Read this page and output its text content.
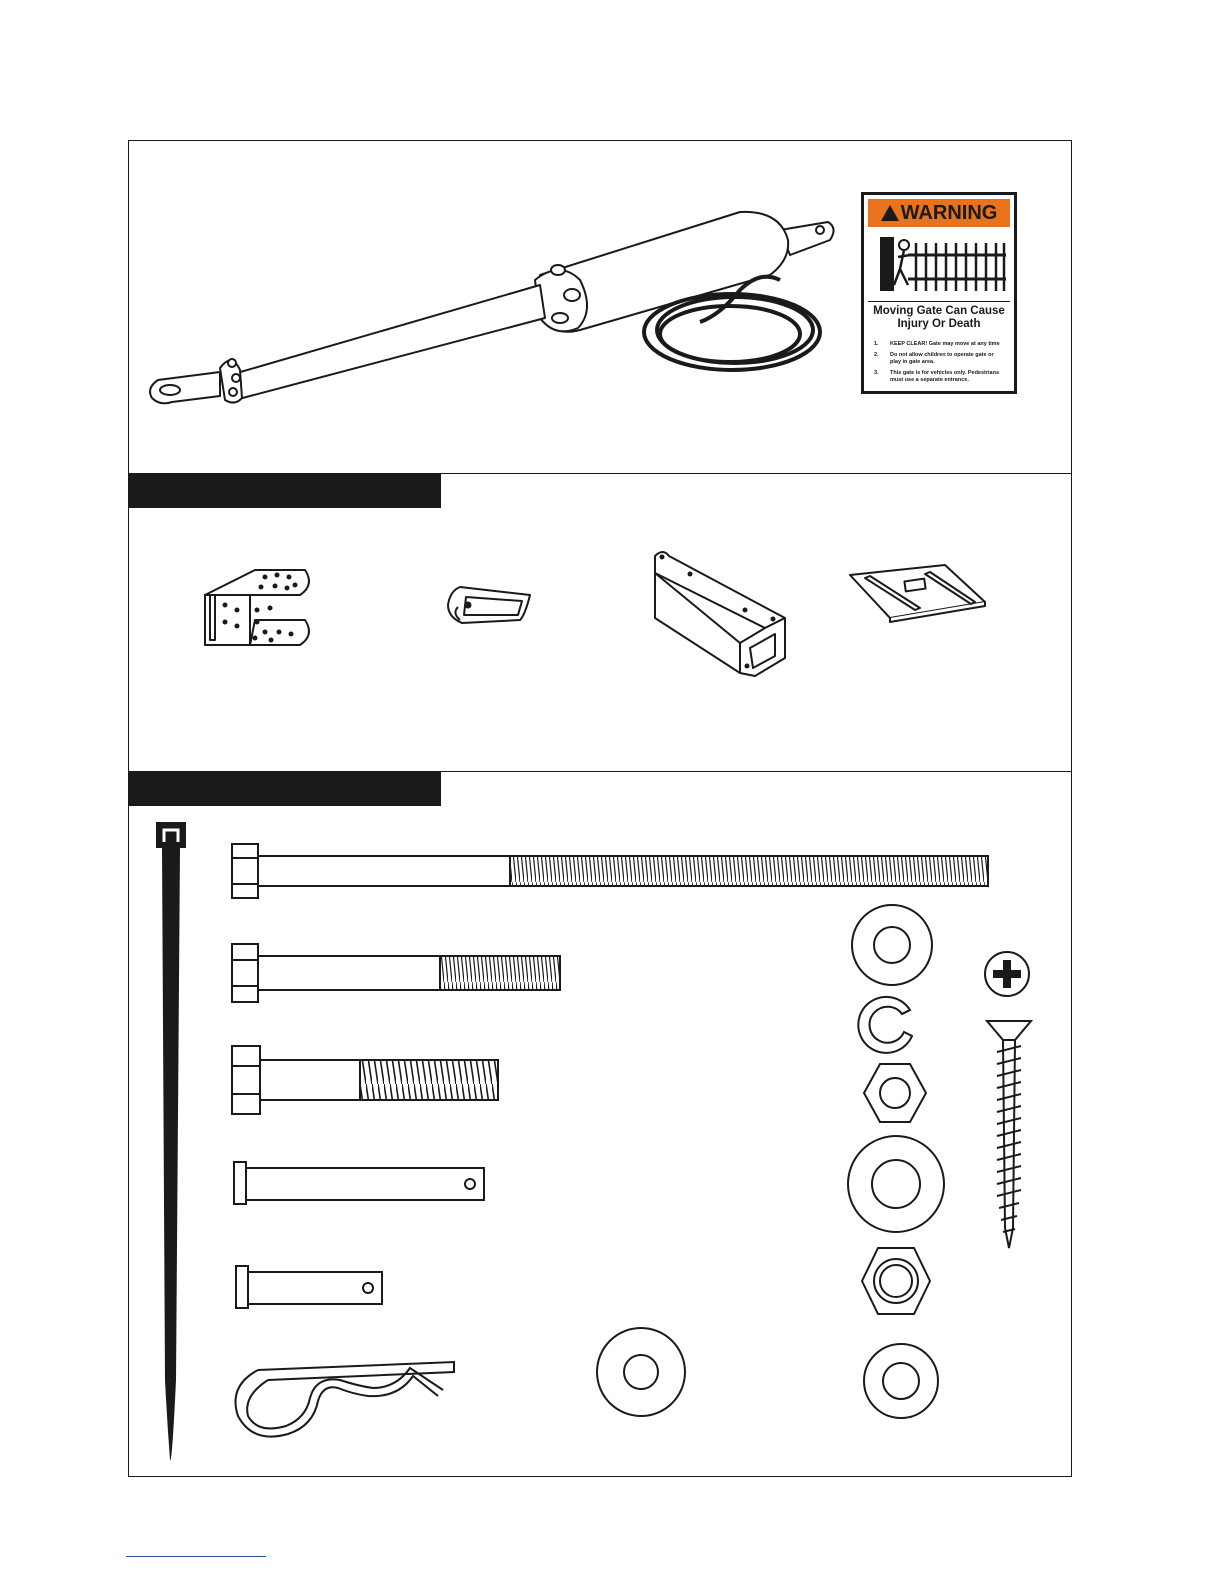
WARNING
Moving Gate Can Cause
Injury Or Death
1.	KEEP CLEAR! Gate may move at any time
2.	Do not allow children to operate gate or
play in gate area.
3.	This gate is for vehicles only. Pedestrians
must use a separate entrance.
